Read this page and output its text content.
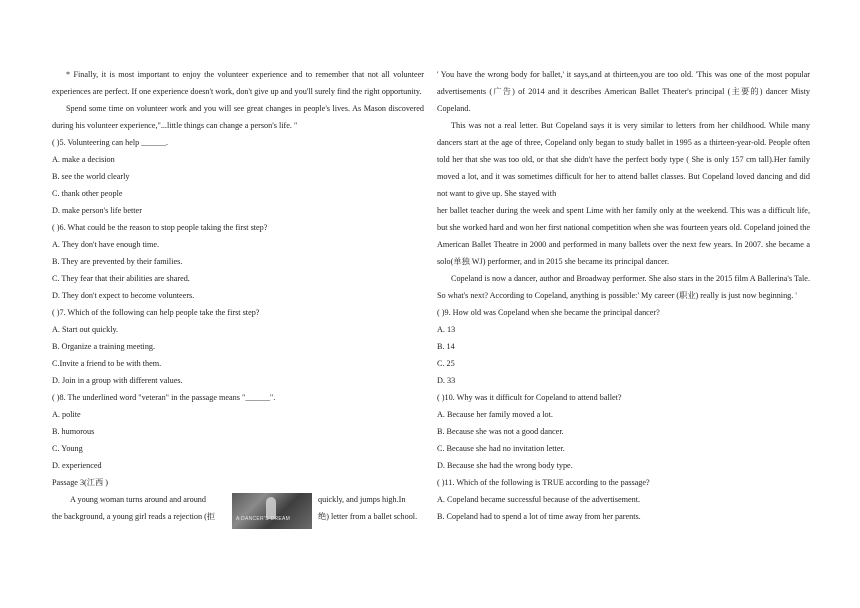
* Finally, it is most important to enjoy the volunteer experience and to remember that not all volunteer experiences are perfect. If one experience doesn't work, don't give up and you'll surely find the right opportunity.

Spend some time on volunteer work and you will see great changes in people's lives. As Mason discovered during his volunteer experience,"...little things can change a person's life. "

( )5. Volunteering can help ______.

A. make a decision

B. see the world clearly

C. thank other people

D. make person's life better

( )6. What could be the reason to stop people taking the first step?

A. They don't have enough time.

B. They are prevented by their families.

C. They fear that their abilities are shared.

D. They don't expect to become volunteers.

( )7. Which of the following can help people take the first step?

A. Start out quickly.

B. Organize a training meeting.

C.Invite a friend to be with them.

D. Join in a group with different values.

( )8. The underlined word "veteran" in the passage means "______".

A. polite

B. humorous

C. Young

D. experienced

Passage 3(江西 )

A young woman turns around and around	quickly, and jumps high.In
the background, a young girl reads a rejection (拒	绝) letter from a ballet school.
A DANCER'S DREAM

' You have the wrong body for ballet,' it says,and at thirteen,you are too old. 'This was one of the most popular advertisements (广告) of 2014 and it describes American Ballet Theater's principal (主要的) dancer Misty Copeland.

This was not a real letter. But Copeland says it is very similar to letters from her childhood. While many dancers start at the age of three, Copeland only began to study ballet in 1995 as a thirteen-year-old. People often told her that she was too old, or that she didn't have the perfect body type ( She is only 157 cm tall).Her family moved a lot, and it was sometimes difficult for her to attend ballet classes. But Copeland loved dancing and did not want to give up. She stayed with

her ballet teacher during the week and spent Lime with her family only at the weekend. This was a difficult life, but she worked hard and won her first national competition when she was fourteen years old. Copeland joined the American Ballet Theatre in 2000 and performed in many ballets over the next few years. In 2007. she became a solo(单独 WJ) performer, and in 2015 she became its principal dancer.

Copeland is now a dancer, author and Broadway performer. She also stars in the 2015 film A Ballerina's Tale. So what's next? According to Copeland, anything is possible:' My career (职业) really is just now beginning. '

( )9. How old was Copeland when she became the principal dancer?

A. 13

B. 14

C. 25

D. 33

( )10. Why was it difficult for Copeland to attend ballet?

A. Because her family moved a lot.

B. Because she was not a good dancer.

C. Because she had no invitation letter.

D. Because she had the wrong body type.

( )11. Which of the following is TRUE according to the passage?

A. Copeland became successful because of the advertisement.

B. Copeland had to spend a lot of time away from her parents.
